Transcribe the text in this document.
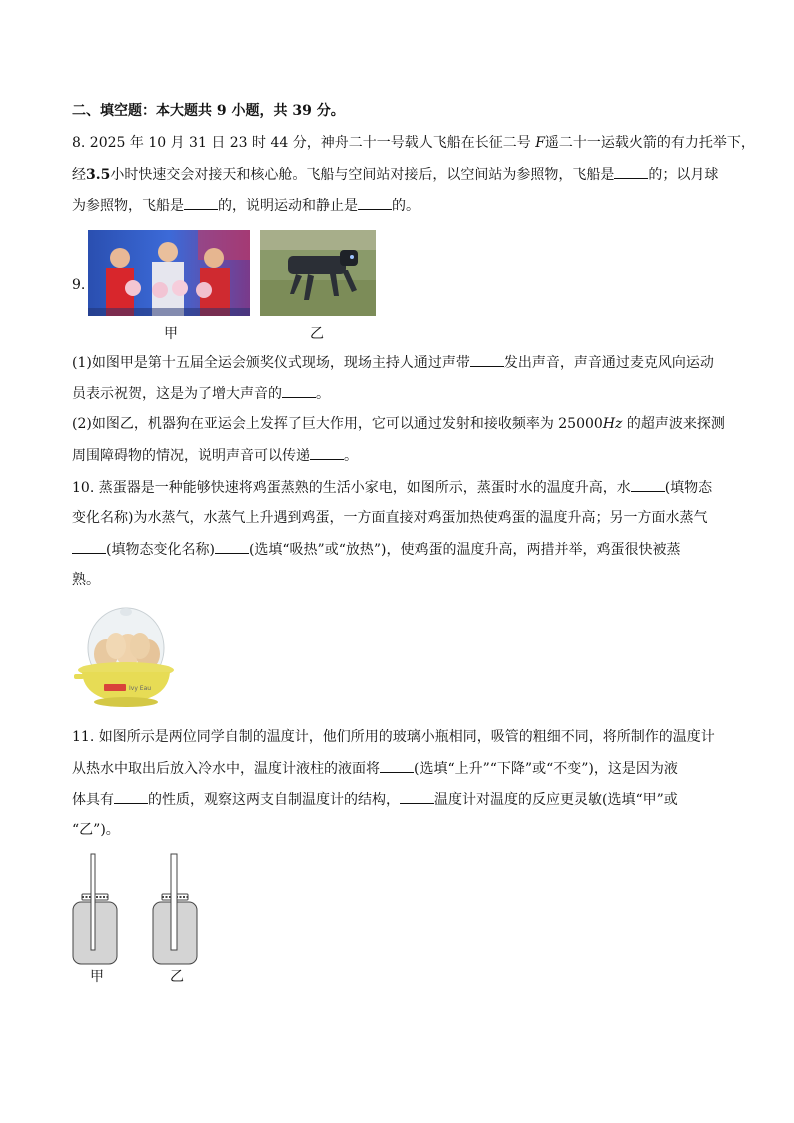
二、填空题：本大题共 9 小题，共 39 分。
8. 2025 年 10 月 31 日 23 时 44 分，神舟二十一号载人飞船在长征二号 F遥二十一运载火箭的有力托举下，
经3.5小时快速交会对接天和核心舱。飞船与空间站对接后，以空间站为参照物，飞船是 的；以月球
为参照物，飞船是 的，说明运动和静止是 的。
9.
甲	乙
(1)如图甲是第十五届全运会颁奖仪式现场，现场主持人通过声带 发出声音，声音通过麦克风向运动
员表示祝贺，这是为了增大声音的 。
(2)如图乙，机器狗在亚运会上发挥了巨大作用，它可以通过发射和接收频率为 25000Hz 的超声波来探测
周围障碍物的情况，说明声音可以传递 。
10. 蒸蛋器是一种能够快速将鸡蛋蒸熟的生活小家电，如图所示，蒸蛋时水的温度升高，水 (填物态
变化名称)为水蒸气，水蒸气上升遇到鸡蛋，一方面直接对鸡蛋加热使鸡蛋的温度升高；另一方面水蒸气
(填物态变化名称) (选填“吸热”或“放热”)，使鸡蛋的温度升高，两措并举，鸡蛋很快被蒸
熟。
Ivy Eau
11. 如图所示是两位同学自制的温度计，他们所用的玻璃小瓶相同，吸管的粗细不同，将所制作的温度计
从热水中取出后放入冷水中，温度计液柱的液面将 (选填“上升”“下降”或“不变”)，这是因为液
体具有 的性质，观察这两支自制温度计的结构， 温度计对温度的反应更灵敏(选填“甲”或
“乙”)。
甲	乙
